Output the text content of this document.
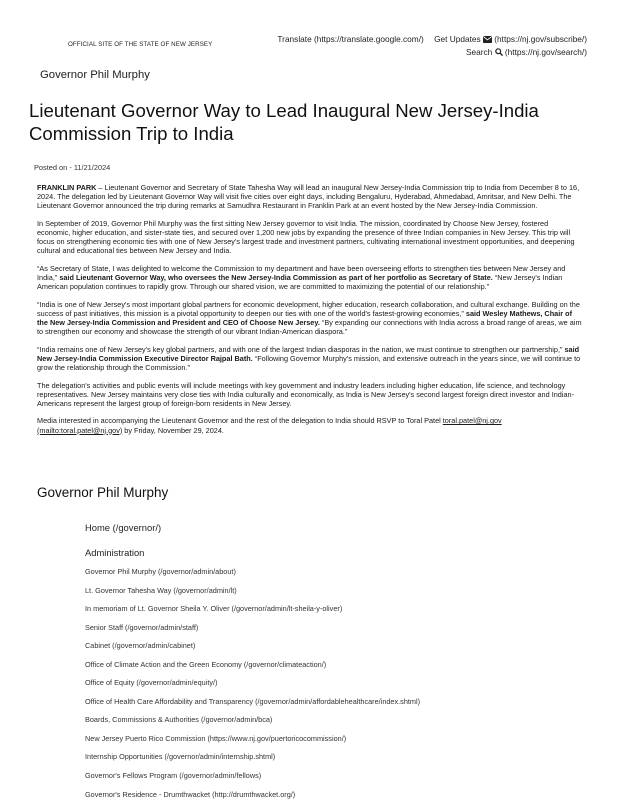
OFFICIAL SITE OF THE STATE OF NEW JERSEY
Translate (https://translate.google.com/) Get Updates (https://nj.gov/subscribe/)
Search (https://nj.gov/search/)
Governor Phil Murphy
Lieutenant Governor Way to Lead Inaugural New Jersey-India Commission Trip to India
Posted on - 11/21/2024

FRANKLIN PARK – Lieutenant Governor and Secretary of State Tahesha Way will lead an inaugural New Jersey-India Commission trip to India from December 8 to 16, 2024. The delegation led by Lieutenant Governor Way will visit five cities over eight days, including Bengaluru, Hyderabad, Ahmedabad, Amritsar, and New Delhi. The Lieutenant Governor announced the trip during remarks at Samudhra Restaurant in Franklin Park at an event hosted by the New Jersey-India Commission.

In September of 2019, Governor Phil Murphy was the first sitting New Jersey governor to visit India. The mission, coordinated by Choose New Jersey, fostered economic, higher education, and sister-state ties, and secured over 1,200 new jobs by expanding the presence of three Indian companies in New Jersey. This trip will focus on strengthening economic ties with one of New Jersey's largest trade and investment partners, cultivating international investment opportunities, and deepening cultural and educational ties between New Jersey and India.

“As Secretary of State, I was delighted to welcome the Commission to my department and have been overseeing efforts to strengthen ties between New Jersey and India,” said Lieutenant Governor Way, who oversees the New Jersey-India Commission as part of her portfolio as Secretary of State. “New Jersey's Indian American population continues to rapidly grow. Through our shared vision, we are committed to maximizing the potential of our relationship.”

“India is one of New Jersey's most important global partners for economic development, higher education, research collaboration, and cultural exchange. Building on the success of past initiatives, this mission is a pivotal opportunity to deepen our ties with one of the world's fastest-growing economies,” said Wesley Mathews, Chair of the New Jersey-India Commission and President and CEO of Choose New Jersey. “By expanding our connections with India across a broad range of areas, we aim to strengthen our economy and showcase the strength of our vibrant Indian-American diaspora.”

“India remains one of New Jersey's key global partners, and with one of the largest Indian diasporas in the nation, we must continue to strengthen our partnership,” said New Jersey-India Commission Executive Director Rajpal Bath. “Following Governor Murphy's mission, and extensive outreach in the years since, we will continue to grow the relationship through the Commission.”

The delegation's activities and public events will include meetings with key government and industry leaders including higher education, life science, and technology representatives. New Jersey maintains very close ties with India culturally and economically, as India is New Jersey's second largest foreign direct investor and Indian-Americans represent the largest group of foreign-born residents in New Jersey.

Media interested in accompanying the Lieutenant Governor and the rest of the delegation to India should RSVP to Toral Patel toral.patel@nj.gov (mailto:toral.patel@nj.gov) by Friday, November 29, 2024.

Governor Phil Murphy
Home (/governor/)
Administration
Governor Phil Murphy (/governor/admin/about)
Lt. Governor Tahesha Way (/governor/admin/lt)
In memoriam of Lt. Governor Sheila Y. Oliver (/governor/admin/lt-sheila-y-oliver)
Senior Staff (/governor/admin/staff)
Cabinet (/governor/admin/cabinet)
Office of Climate Action and the Green Economy (/governor/climateaction/)
Office of Equity (/governor/admin/equity/)
Office of Health Care Affordability and Transparency (/governor/admin/affordablehealthcare/index.shtml)
Boards, Commissions & Authorities (/governor/admin/bca)
New Jersey Puerto Rico Commission (https://www.nj.gov/puertoricocommission/)
Internship Opportunities (/governor/admin/internship.shtml)
Governor's Fellows Program (/governor/admin/fellows)
Governor's Residence - Drumthwacket (http://drumthwacket.org/)
